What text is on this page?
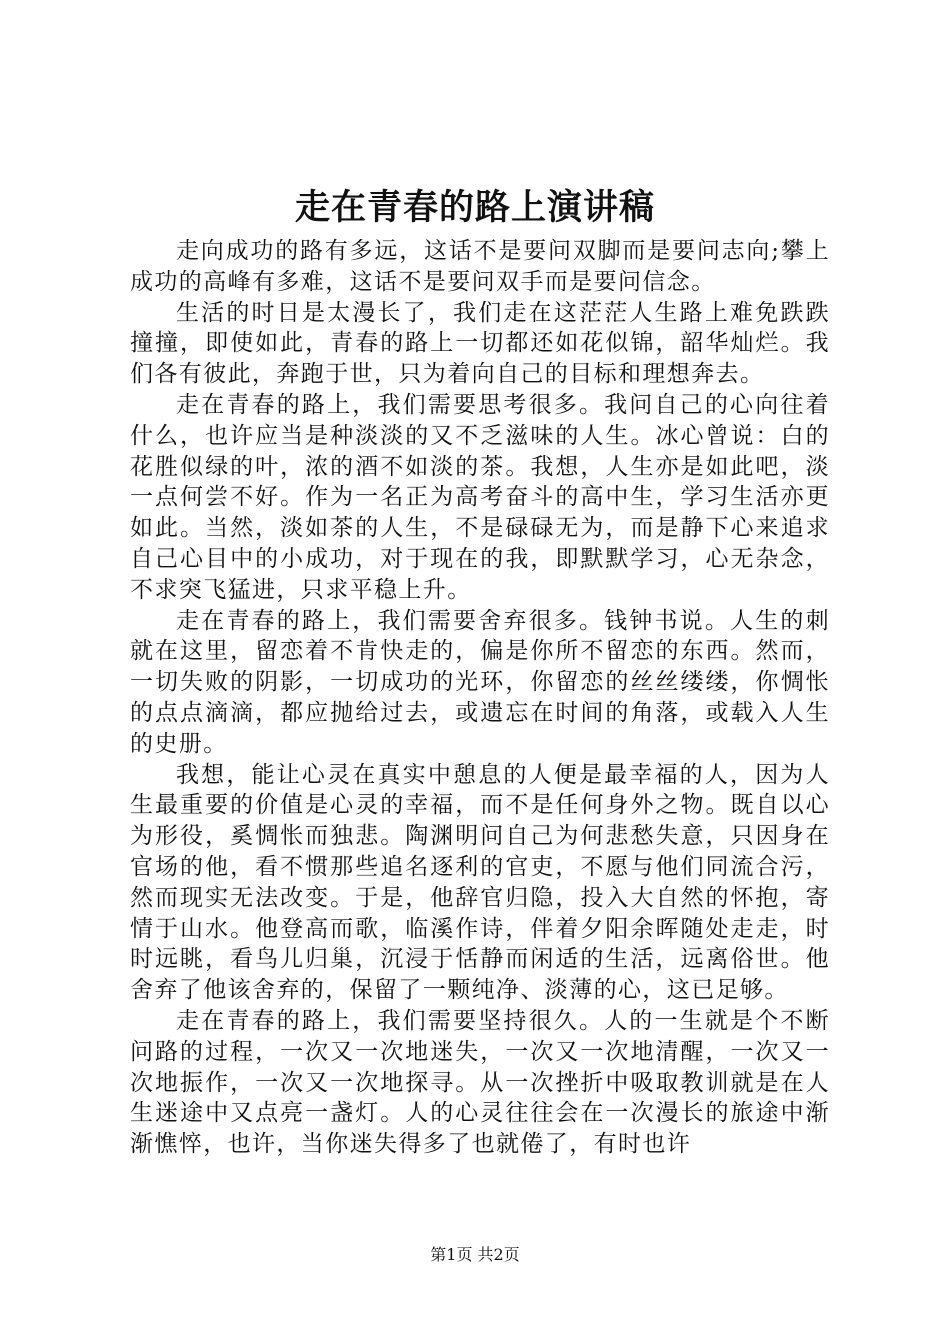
走在青春的路上演讲稿

走向成功的路有多远，这话不是要问双脚而是要问志向;攀上成功的高峰有多难，这话不是要问双手而是要问信念。

生活的时日是太漫长了，我们走在这茫茫人生路上难免跌跌撞撞，即使如此，青春的路上一切都还如花似锦，韶华灿烂。我们各有彼此，奔跑于世，只为着向自己的目标和理想奔去。

走在青春的路上，我们需要思考很多。我问自己的心向往着什么，也许应当是种淡淡的又不乏滋味的人生。冰心曾说：白的花胜似绿的叶，浓的酒不如淡的茶。我想，人生亦是如此吧，淡一点何尝不好。作为一名正为高考奋斗的高中生，学习生活亦更如此。当然，淡如茶的人生，不是碌碌无为，而是静下心来追求自己心目中的小成功，对于现在的我，即默默学习，心无杂念，不求突飞猛进，只求平稳上升。

走在青春的路上，我们需要舍弃很多。钱钟书说。人生的刺就在这里，留恋着不肯快走的，偏是你所不留恋的东西。然而，一切失败的阴影，一切成功的光环，你留恋的丝丝缕缕，你惆怅的点点滴滴，都应抛给过去，或遗忘在时间的角落，或载入人生的史册。

我想，能让心灵在真实中憩息的人便是最幸福的人，因为人生最重要的价值是心灵的幸福，而不是任何身外之物。既自以心为形役，奚惆怅而独悲。陶渊明问自己为何悲愁失意，只因身在官场的他，看不惯那些追名逐利的官吏，不愿与他们同流合污，然而现实无法改变。于是，他辞官归隐，投入大自然的怀抱，寄情于山水。他登高而歌，临溪作诗，伴着夕阳余晖随处走走，时时远眺，看鸟儿归巢，沉浸于恬静而闲适的生活，远离俗世。他舍弃了他该舍弃的，保留了一颗纯净、淡薄的心，这已足够。

走在青春的路上，我们需要坚持很久。人的一生就是个不断问路的过程，一次又一次地迷失，一次又一次地清醒，一次又一次地振作，一次又一次地探寻。从一次挫折中吸取教训就是在人生迷途中又点亮一盏灯。人的心灵往往会在一次漫长的旅途中渐渐憔悴，也许，当你迷失得多了也就倦了，有时也许

第1页 共2页
